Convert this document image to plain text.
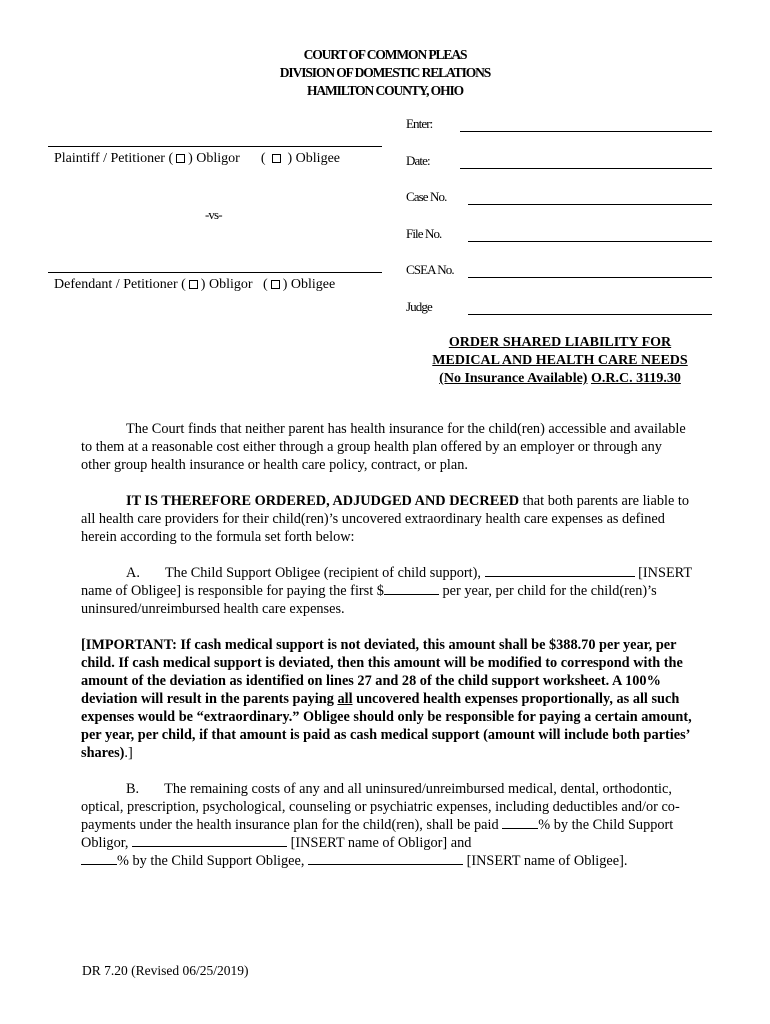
COURT OF COMMON PLEAS
DIVISION OF DOMESTIC RELATIONS
HAMILTON COUNTY, OHIO
Enter:
Date:
Case No.
File No.
CSEA No.
Judge
Plaintiff / Petitioner ( ) Obligor ( ) Obligee
-vs-
Defendant / Petitioner ( ) Obligor ( ) Obligee
ORDER SHARED LIABILITY FOR
MEDICAL AND HEALTH CARE NEEDS
(No Insurance Available) O.R.C. 3119.30
The Court finds that neither parent has health insurance for the child(ren) accessible and available to them at a reasonable cost either through a group health plan offered by an employer or through any other group health insurance or health care policy, contract, or plan.
IT IS THEREFORE ORDERED, ADJUDGED AND DECREED that both parents are liable to all health care providers for their child(ren)’s uncovered extraordinary health care expenses as defined herein according to the formula set forth below:
A. The Child Support Obligee (recipient of child support),	[INSERT name of Obligee] is responsible for paying the first $	per year, per child for the child(ren)’s uninsured/unreimbursed health care expenses.
[IMPORTANT: If cash medical support is not deviated, this amount shall be $388.70 per year, per child. If cash medical support is deviated, then this amount will be modified to correspond with the amount of the deviation as identified on lines 27 and 28 of the child support worksheet. A 100% deviation will result in the parents paying all uncovered health expenses proportionally, as all such expenses would be “extraordinary.” Obligee should only be responsible for paying a certain amount, per year, per child, if that amount is paid as cash medical support (amount will include both parties’ shares).]
B. The remaining costs of any and all uninsured/unreimbursed medical, dental, orthodontic, optical, prescription, psychological, counseling or psychiatric expenses, including deductibles and/or co-payments under the health insurance plan for the child(ren), shall be paid	% by the Child Support Obligor,	[INSERT name of Obligor] and
% by the Child Support Obligee,	[INSERT name of Obligee].
DR 7.20 (Revised 06/25/2019)
